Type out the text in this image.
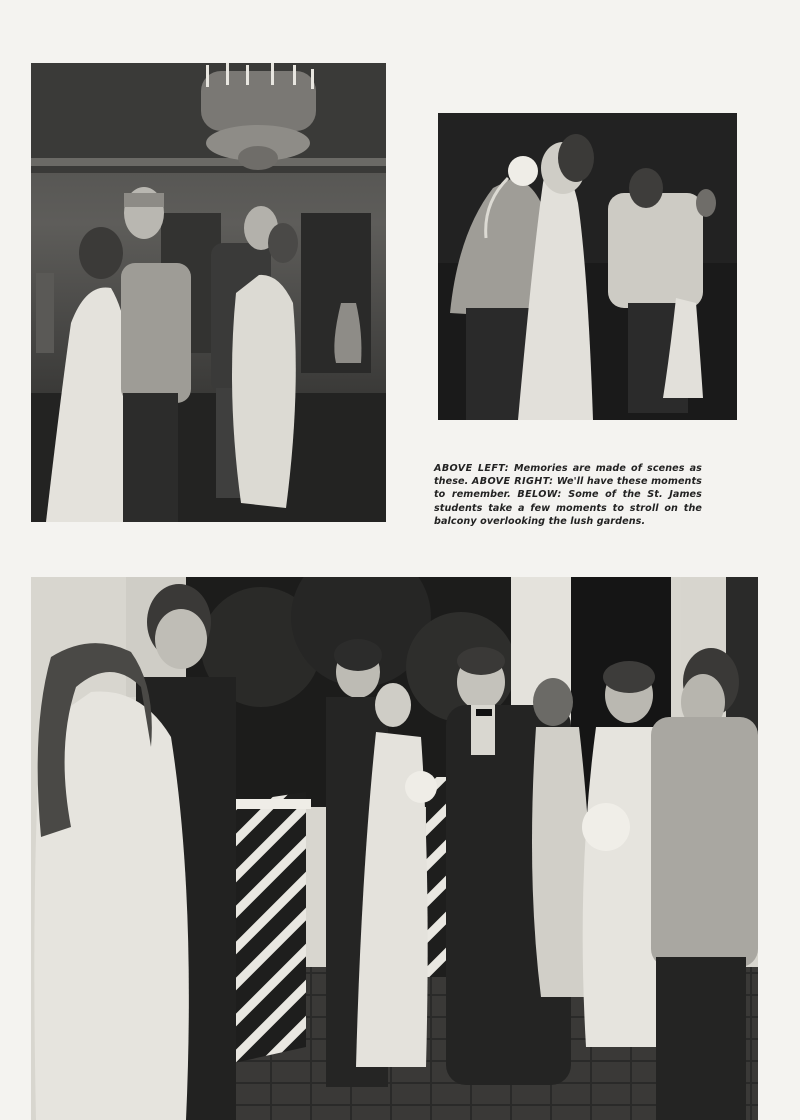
ABOVE LEFT: Memories are made of scenes as these. ABOVE RIGHT: We'll have these moments to remember. BELOW: Some of the St. James students take a few moments to stroll on the balcony overlooking the lush gardens.
